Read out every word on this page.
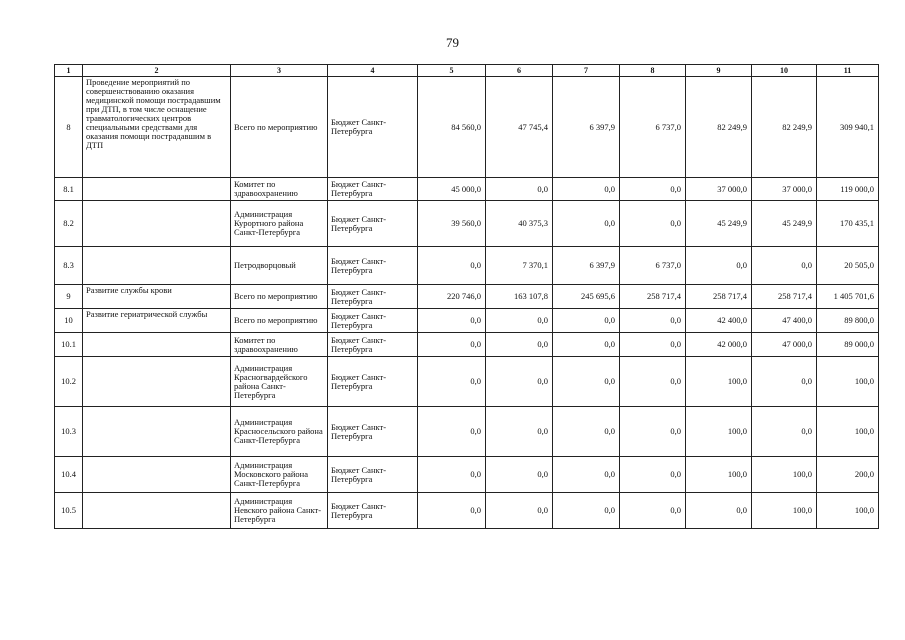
79
1	2	3	4	5	6	7	8	9	10	11
8	Проведение мероприятий по совершенствованию оказания медицинской помощи пострадавшим при ДТП, в том числе оснащение травматологических центров специальными средствами для оказания помощи пострадавшим в ДТП	Всего по мероприятию	Бюджет Санкт-Петербурга	84 560,0	47 745,4	6 397,9	6 737,0	82 249,9	82 249,9	309 940,1
8.1		Комитет по здравоохранению	Бюджет Санкт-Петербурга	45 000,0	0,0	0,0	0,0	37 000,0	37 000,0	119 000,0
8.2		Администрация Курортного района Санкт-Петербурга	Бюджет Санкт-Петербурга	39 560,0	40 375,3	0,0	0,0	45 249,9	45 249,9	170 435,1
8.3		Петродворцовый	Бюджет Санкт-Петербурга	0,0	7 370,1	6 397,9	6 737,0	0,0	0,0	20 505,0
9	Развитие службы крови	Всего по мероприятию	Бюджет Санкт-Петербурга	220 746,0	163 107,8	245 695,6	258 717,4	258 717,4	258 717,4	1 405 701,6
10	Развитие гериатрической службы	Всего по мероприятию	Бюджет Санкт-Петербурга	0,0	0,0	0,0	0,0	42 400,0	47 400,0	89 800,0
10.1		Комитет по здравоохранению	Бюджет Санкт-Петербурга	0,0	0,0	0,0	0,0	42 000,0	47 000,0	89 000,0
10.2		Администрация Красногвардейского района Санкт-Петербурга	Бюджет Санкт-Петербурга	0,0	0,0	0,0	0,0	100,0	0,0	100,0
10.3		Администрация Красносельского района Санкт-Петербурга	Бюджет Санкт-Петербурга	0,0	0,0	0,0	0,0	100,0	0,0	100,0
10.4		Администрация Московского района Санкт-Петербурга	Бюджет Санкт-Петербурга	0,0	0,0	0,0	0,0	100,0	100,0	200,0
10.5		Администрация Невского района Санкт-Петербурга	Бюджет Санкт-Петербурга	0,0	0,0	0,0	0,0	0,0	100,0	100,0
